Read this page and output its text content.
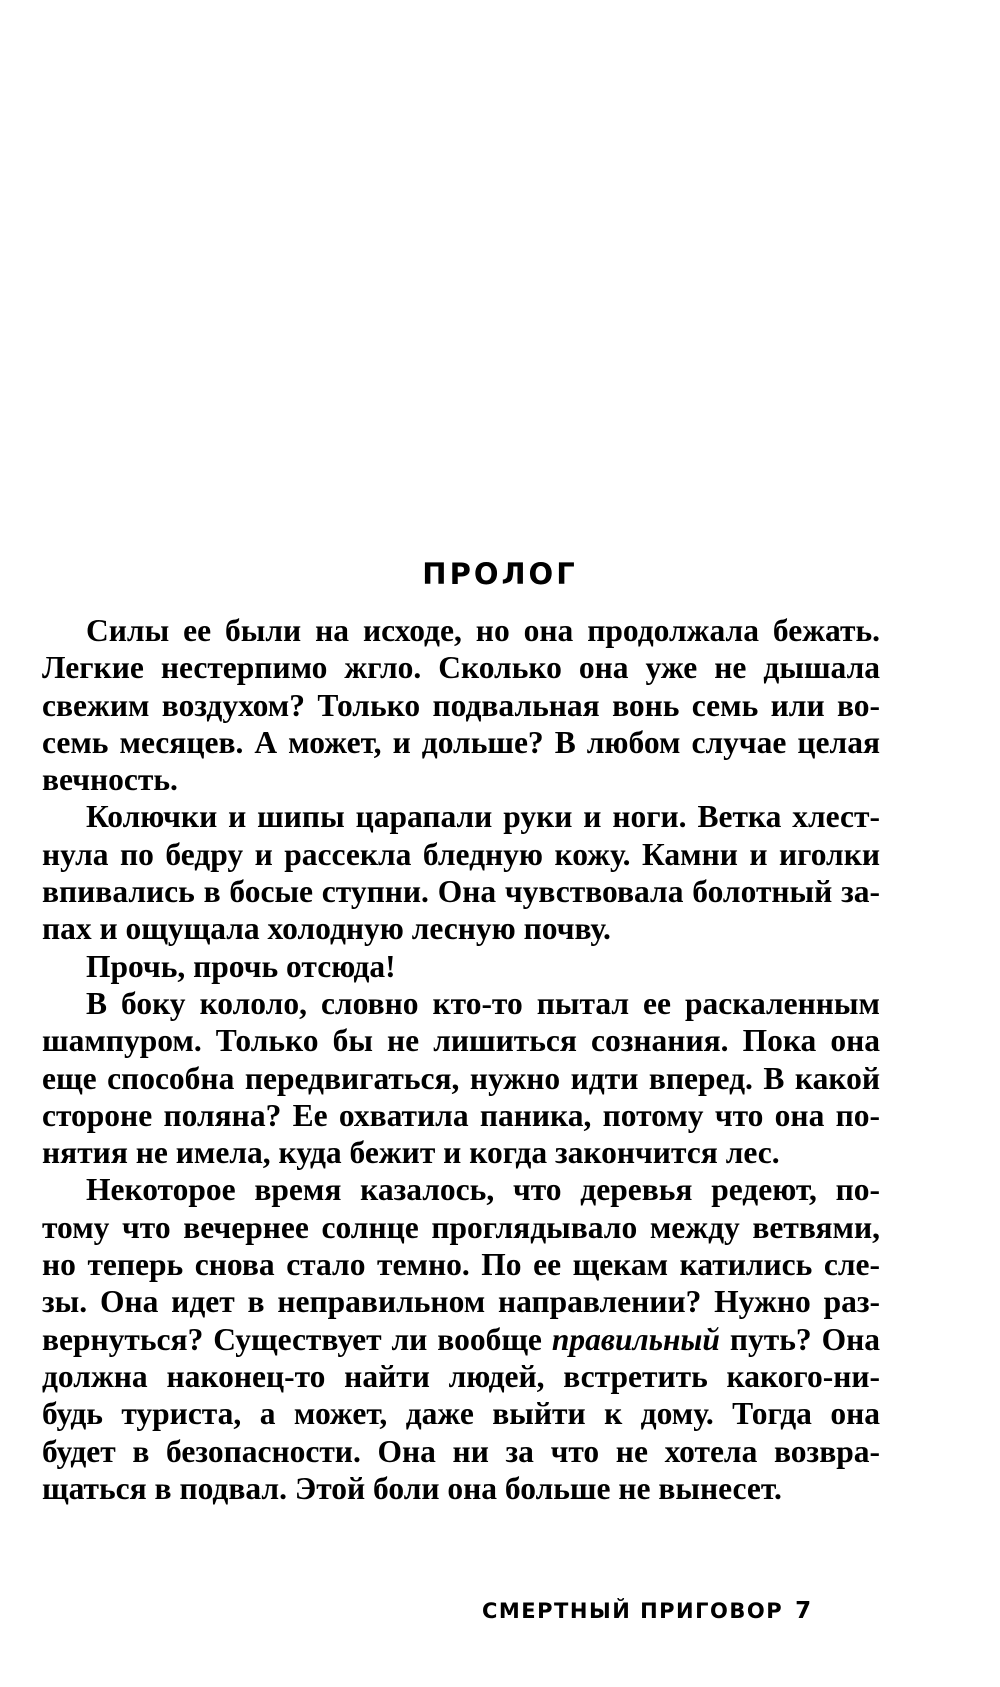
ПРОЛОГ

Силы ее были на исходе, но она продолжала бежать.
Легкие нестерпимо жгло. Сколько она уже не дышала
свежим воздухом? Только подвальная вонь семь или во-
семь месяцев. А может, и дольше? В любом случае целая
вечность.

Колючки и шипы царапали руки и ноги. Ветка хлест-
нула по бедру и рассекла бледную кожу. Камни и иголки
впивались в босые ступни. Она чувствовала болотный за-
пах и ощущала холодную лесную почву.

Прочь, прочь отсюда!

В боку кололо, словно кто-то пытал ее раскаленным
шампуром. Только бы не лишиться сознания. Пока она
еще способна передвигаться, нужно идти вперед. В какой
стороне поляна? Ее охватила паника, потому что она по-
нятия не имела, куда бежит и когда закончится лес.

Некоторое время казалось, что деревья редеют, по-
тому что вечернее солнце проглядывало между ветвями,
но теперь снова стало темно. По ее щекам катились сле-
зы. Она идет в неправильном направлении? Нужно раз-
вернуться? Существует ли вообще правильный путь? Она
должна наконец-то найти людей, встретить какого-ни-
будь туриста, а может, даже выйти к дому. Тогда она
будет в безопасности. Она ни за что не хотела возвра-
щаться в подвал. Этой боли она больше не вынесет.

СМЕРТНЫЙ ПРИГОВОР 7
